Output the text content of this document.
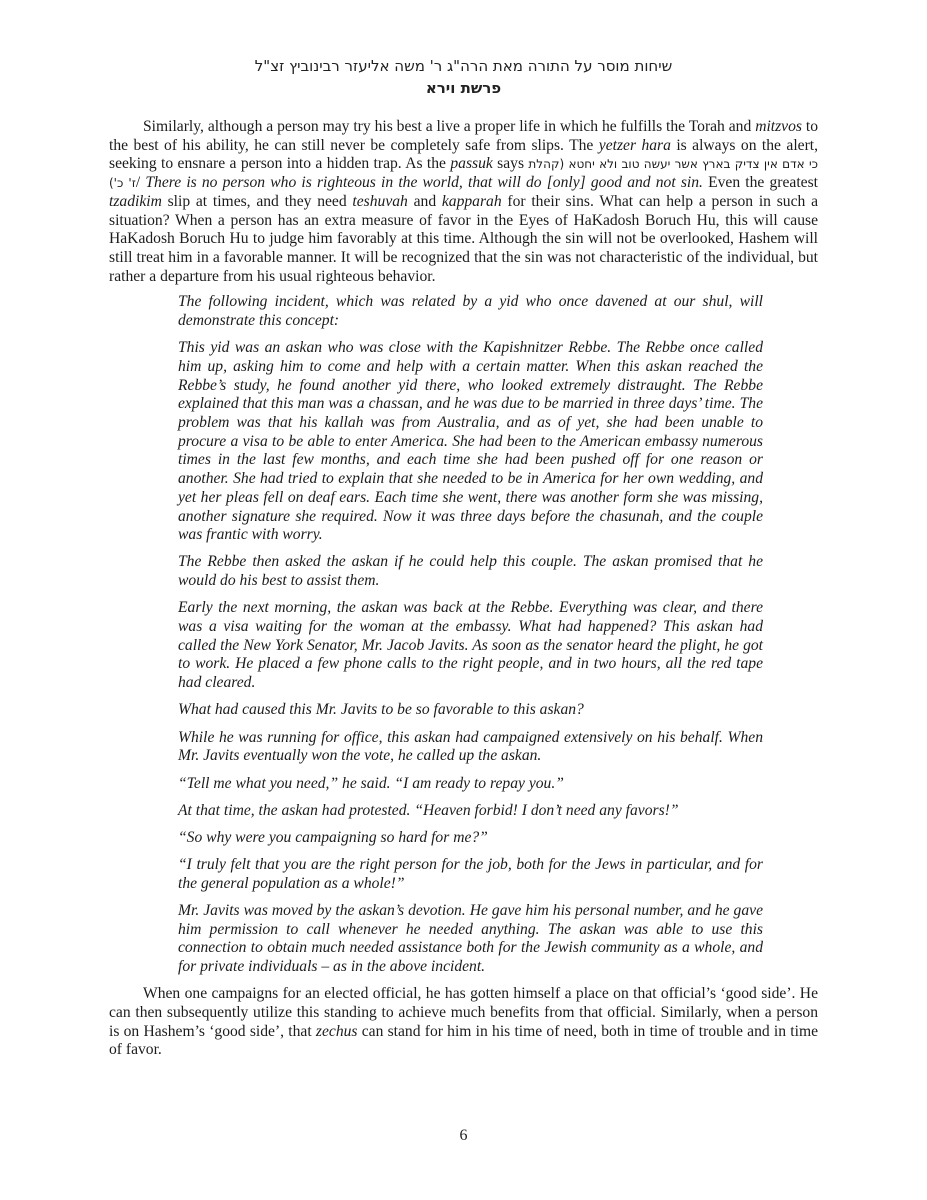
שיחות מוסר על התורה מאת הרה"ג ר' משה אליעזר רבינוביץ זצ"ל
פרשת וירא

Similarly, although a person may try his best a live a proper life in which he fulfills the Torah and mitzvos to the best of his ability, he can still never be completely safe from slips. The yetzer hara is always on the alert, seeking to ensnare a person into a hidden trap. As the passuk says כי אדם אין צדיק בארץ אשר יעשה טוב ולא יחטא (קהלת ז' כ')/ There is no person who is righteous in the world, that will do [only] good and not sin. Even the greatest tzadikim slip at times, and they need teshuvah and kapparah for their sins. What can help a person in such a situation? When a person has an extra measure of favor in the Eyes of HaKadosh Boruch Hu, this will cause HaKadosh Boruch Hu to judge him favorably at this time. Although the sin will not be overlooked, Hashem will still treat him in a favorable manner. It will be recognized that the sin was not characteristic of the individual, but rather a departure from his usual righteous behavior.

The following incident, which was related by a yid who once davened at our shul, will demonstrate this concept:

This yid was an askan who was close with the Kapishnitzer Rebbe. The Rebbe once called him up, asking him to come and help with a certain matter. When this askan reached the Rebbe’s study, he found another yid there, who looked extremely distraught. The Rebbe explained that this man was a chassan, and he was due to be married in three days’ time. The problem was that his kallah was from Australia, and as of yet, she had been unable to procure a visa to be able to enter America. She had been to the American embassy numerous times in the last few months, and each time she had been pushed off for one reason or another. She had tried to explain that she needed to be in America for her own wedding, and yet her pleas fell on deaf ears. Each time she went, there was another form she was missing, another signature she required. Now it was three days before the chasunah, and the couple was frantic with worry.

The Rebbe then asked the askan if he could help this couple. The askan promised that he would do his best to assist them.

Early the next morning, the askan was back at the Rebbe. Everything was clear, and there was a visa waiting for the woman at the embassy. What had happened? This askan had called the New York Senator, Mr. Jacob Javits. As soon as the senator heard the plight, he got to work. He placed a few phone calls to the right people, and in two hours, all the red tape had cleared.

What had caused this Mr. Javits to be so favorable to this askan?

While he was running for office, this askan had campaigned extensively on his behalf. When Mr. Javits eventually won the vote, he called up the askan.

“Tell me what you need,” he said. “I am ready to repay you.”

At that time, the askan had protested. “Heaven forbid! I don’t need any favors!”

“So why were you campaigning so hard for me?”

“I truly felt that you are the right person for the job, both for the Jews in particular, and for the general population as a whole!”

Mr. Javits was moved by the askan’s devotion. He gave him his personal number, and he gave him permission to call whenever he needed anything. The askan was able to use this connection to obtain much needed assistance both for the Jewish community as a whole, and for private individuals – as in the above incident.

When one campaigns for an elected official, he has gotten himself a place on that official’s ‘good side’. He can then subsequently utilize this standing to achieve much benefits from that official. Similarly, when a person is on Hashem’s ‘good side’, that zechus can stand for him in his time of need, both in time of trouble and in time of favor.

6
